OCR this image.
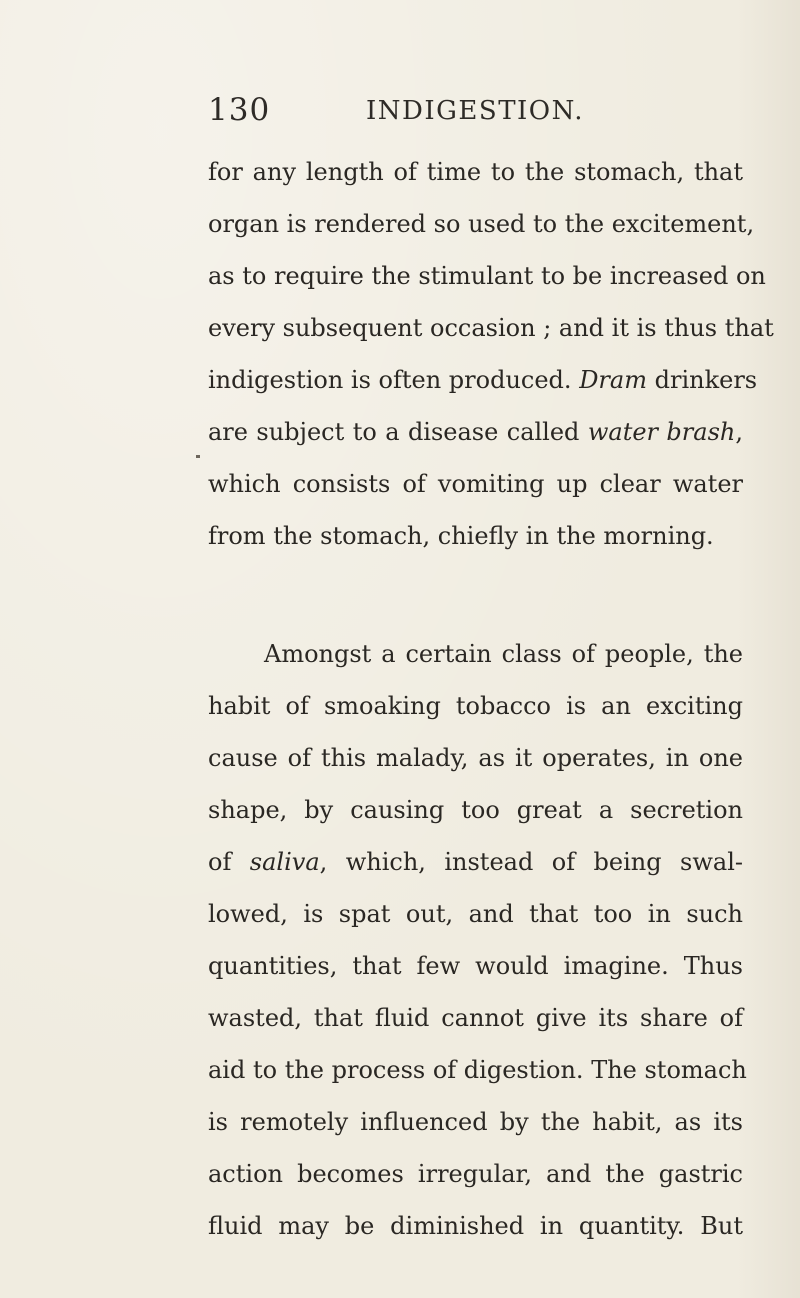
130	INDIGESTION.
for any length of time to the stomach, that
organ is rendered so used to the excitement,
as to require the stimulant to be increased on
every subsequent occasion ; and it is thus that
indigestion is often produced. Dram drinkers
are subject to a disease called water brash,
which consists of vomiting up clear water
from the stomach, chiefly in the morning.
Amongst a certain class of people, the
habit of smoaking tobacco is an exciting
cause of this malady, as it operates, in one
shape, by causing too great a secretion
of saliva, which, instead of being swal-
lowed, is spat out, and that too in such
quantities, that few would imagine. Thus
wasted, that fluid cannot give its share of
aid to the process of digestion. The stomach
is remotely influenced by the habit, as its
action becomes irregular, and the gastric
fluid may be diminished in quantity. But
